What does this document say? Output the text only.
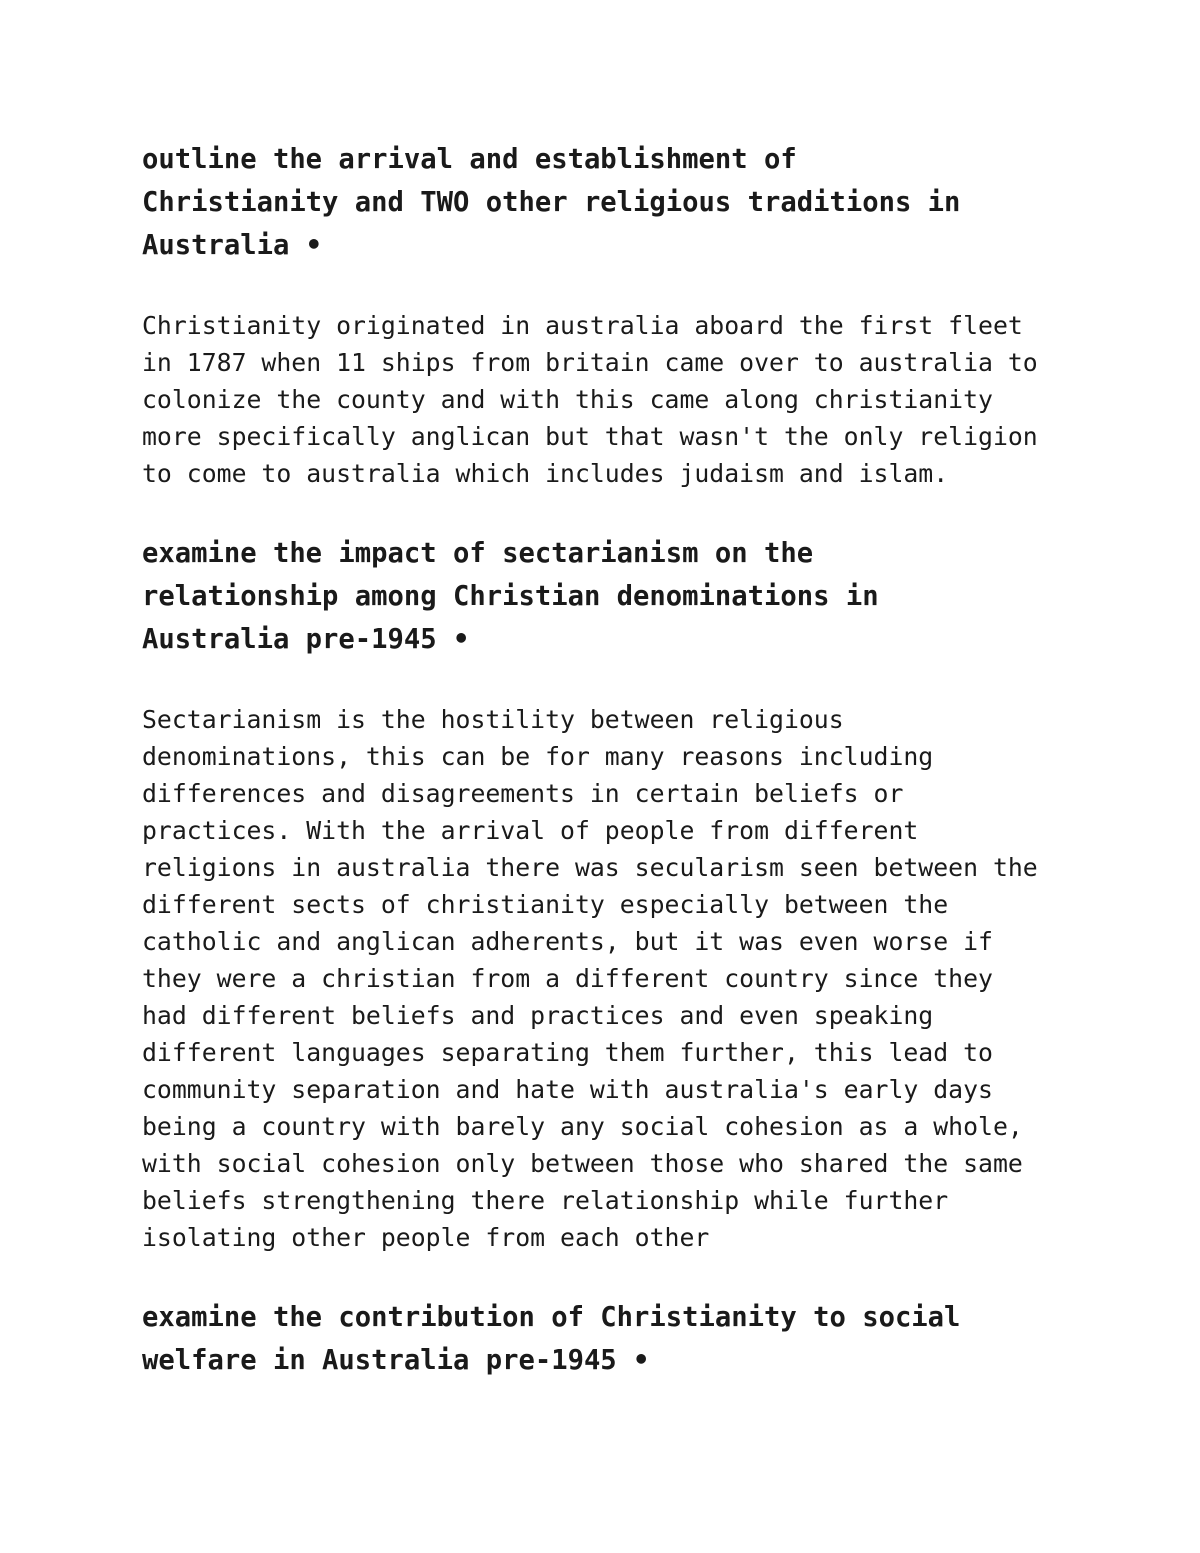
outline the arrival and establishment of
Christianity and TWO other religious traditions in
Australia •

Christianity originated in australia aboard the first fleet
in 1787 when 11 ships from britain came over to australia to
colonize the county and with this came along christianity
more specifically anglican but that wasn't the only religion
to come to australia which includes judaism and islam.

examine the impact of sectarianism on the
relationship among Christian denominations in
Australia pre-1945 •

Sectarianism is the hostility between religious
denominations, this can be for many reasons including
differences and disagreements in certain beliefs or
practices. With the arrival of people from different
religions in australia there was secularism seen between the
different sects of christianity especially between the
catholic and anglican adherents, but it was even worse if
they were a christian from a different country since they
had different beliefs and practices and even speaking
different languages separating them further, this lead to
community separation and hate with australia's early days
being a country with barely any social cohesion as a whole,
with social cohesion only between those who shared the same
beliefs strengthening there relationship while further
isolating other people from each other

examine the contribution of Christianity to social
welfare in Australia pre-1945 •
